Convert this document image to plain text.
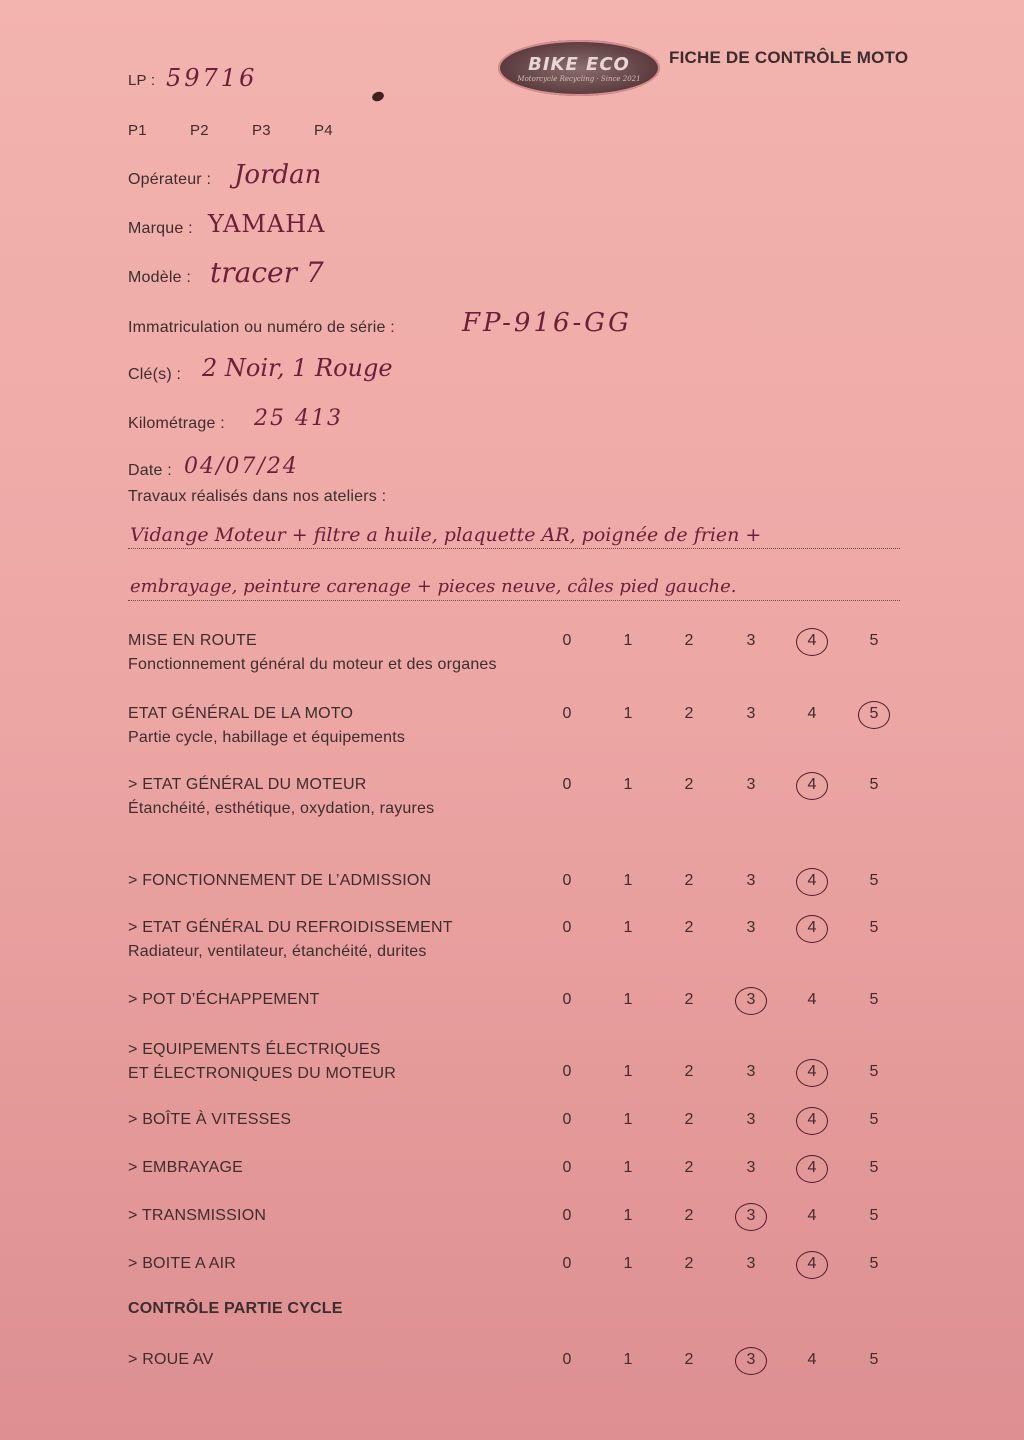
BIKE ECO
Motorcycle Recycling · Since 2021
FICHE DE CONTRÔLE MOTO
LP : 59716
P1	P2	P3	P4
Opérateur : Jordan
Marque : YAMAHA
Modèle : tracer 7
Immatriculation ou numéro de série :	FP-916-GG
Clé(s) : 2 Noir, 1 Rouge
Kilométrage : 25 413
Date : 04/07/24
Travaux réalisés dans nos ateliers :
Vidange Moteur + filtre a huile, plaquette AR, poignée de frien +
embrayage, peinture carenage + pieces neuve, câles pied gauche.
MISE EN ROUTE
Fonctionnement général du moteur et des organes
0	1	2	3	4	5
ETAT GÉNÉRAL DE LA MOTO
Partie cycle, habillage et équipements
0	1	2	3	4	5
> ETAT GÉNÉRAL DU MOTEUR
Étanchéité, esthétique, oxydation, rayures
0	1	2	3	4	5
> FONCTIONNEMENT DE L’ADMISSION	0	1	2	3	4	5
> ETAT GÉNÉRAL DU REFROIDISSEMENT
Radiateur, ventilateur, étanchéité, durites
0	1	2	3	4	5
> POT D’ÉCHAPPEMENT	0	1	2	3	4	5
> EQUIPEMENTS ÉLECTRIQUES
ET ÉLECTRONIQUES DU MOTEUR	0	1	2	3	4	5
> BOÎTE À VITESSES	0	1	2	3	4	5
> EMBRAYAGE	0	1	2	3	4	5
> TRANSMISSION	0	1	2	3	4	5
> BOITE A AIR	0	1	2	3	4	5
CONTRÔLE PARTIE CYCLE
> ROUE AV	0	1	2	3	4	5
